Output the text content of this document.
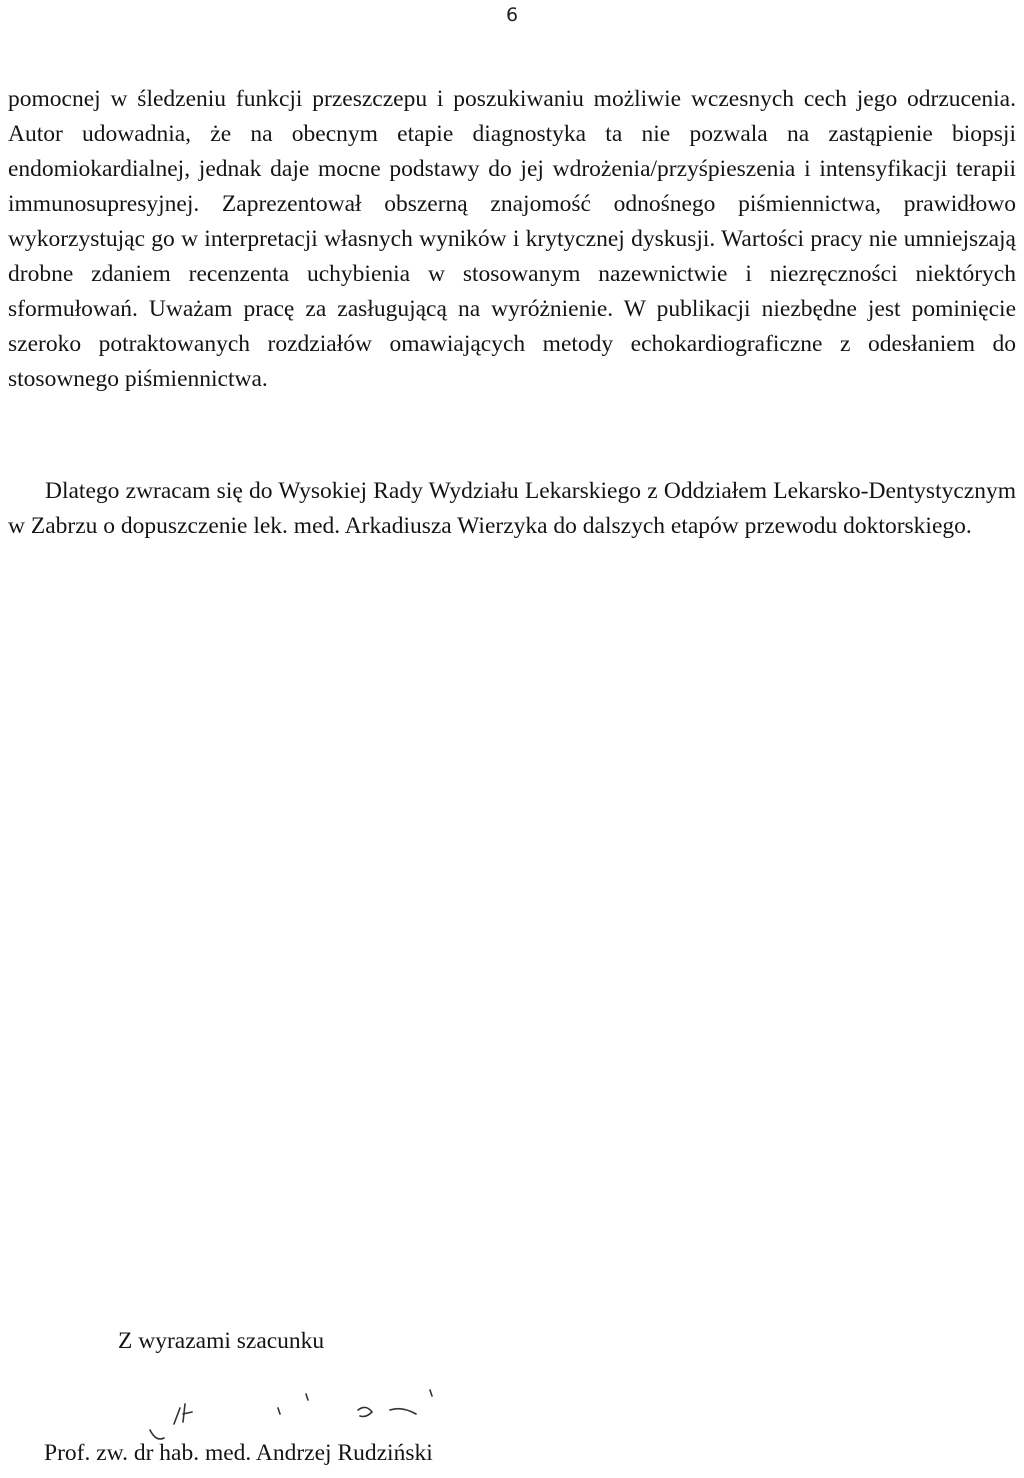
6

pomocnej w śledzeniu funkcji przeszczepu i poszukiwaniu możliwie wczesnych cech jego odrzucenia. Autor udowadnia, że na obecnym etapie diagnostyka ta nie pozwala na zastąpienie biopsji endomiokardialnej, jednak daje mocne podstawy do jej wdrożenia/przyśpieszenia i intensyfikacji terapii immunosupresyjnej. Zaprezentował obszerną znajomość odnośnego piśmiennictwa, prawidłowo wykorzystując go w interpretacji własnych wyników i krytycznej dyskusji. Wartości pracy nie umniejszają drobne zdaniem recenzenta uchybienia w stosowanym nazewnictwie i niezręczności niektórych sformułowań. Uważam pracę za zasługującą na wyróżnienie. W publikacji niezbędne jest pominięcie szeroko potraktowanych rozdziałów omawiających metody echokardiograficzne z odesłaniem do stosownego piśmiennictwa.

Dlatego zwracam się do Wysokiej Rady Wydziału Lekarskiego z Oddziałem Lekarsko-Dentystycznym w Zabrzu o dopuszczenie lek. med. Arkadiusza Wierzyka do dalszych etapów przewodu doktorskiego.

Z wyrazami szacunku
Prof. zw. dr hab. med. Andrzej Rudziński
